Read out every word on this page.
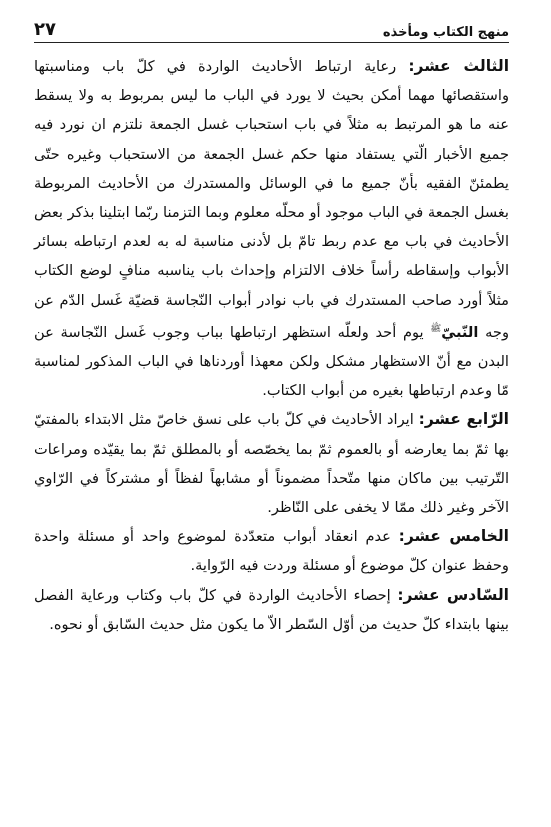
منهج الكتاب ومأخذه
٢٧

الثالث عشر: رعاية ارتباط الأحاديث الواردة في كلّ باب ومناسبتها واستقصائها مهما أمكن بحيث لا يورد في الباب ما ليس بمربوط به ولا يسقط عنه ما هو المرتبط به مثلاً في باب استحباب غسل الجمعة نلتزم ان نورد فيه جميع الأخبار الّتي يستفاد منها حكم غسل الجمعة من الاستحباب وغيره حتّى يطمئنّ الفقيه بأنّ جميع ما في الوسائل والمستدرك من الأحاديث المربوطة بغسل الجمعة في الباب موجود أو محلّه معلوم وبما التزمنا ربّما ابتلينا بذكر بعض الأحاديث في باب مع عدم ربط تامّ بل لأدنى مناسبة له به لعدم ارتباطه بسائر الأبواب وإسقاطه رأساً خلاف الالتزام وإحداث باب يناسبه منافٍ لوضع الكتاب مثلاً أورد صاحب المستدرك في باب نوادر أبواب النّجاسة قضيّة غَسل الدّم عن وجه النّبيّ$^ﷺ$ يوم أحد ولعلّه استظهر ارتباطها بباب وجوب غَسل النّجاسة عن البدن مع أنّ الاستظهار مشكل ولكن معهذا أوردناها في الباب المذكور لمناسبة مّا وعدم ارتباطها بغيره من أبواب الكتاب.

الرّابع عشر: ايراد الأحاديث في كلّ باب على نسق خاصّ مثل الابتداء بالمفتيّ بها ثمّ بما يعارضه أو بالعموم ثمّ بما يخصّصه أو بالمطلق ثمّ بما يقيّده ومراعات التّرتيب بين ماكان منها متّحداً مضموناً أو مشابهاً لفظاً أو مشتركاً في الرّاوي الآخر وغير ذلك ممّا لا يخفى على النّاظر.

الخامس عشر: عدم انعقاد أبواب متعدّدة لموضوع واحد أو مسئلة واحدة وحفظ عنوان كلّ موضوع أو مسئلة وردت فيه الرّواية.

السّادس عشر: إحصاء الأحاديث الواردة في كلّ باب وكتاب ورعاية الفصل بينها بابتداء كلّ حديث من أوّل السّطر الاّ ما يكون مثل حديث السّابق أو نحوه.
